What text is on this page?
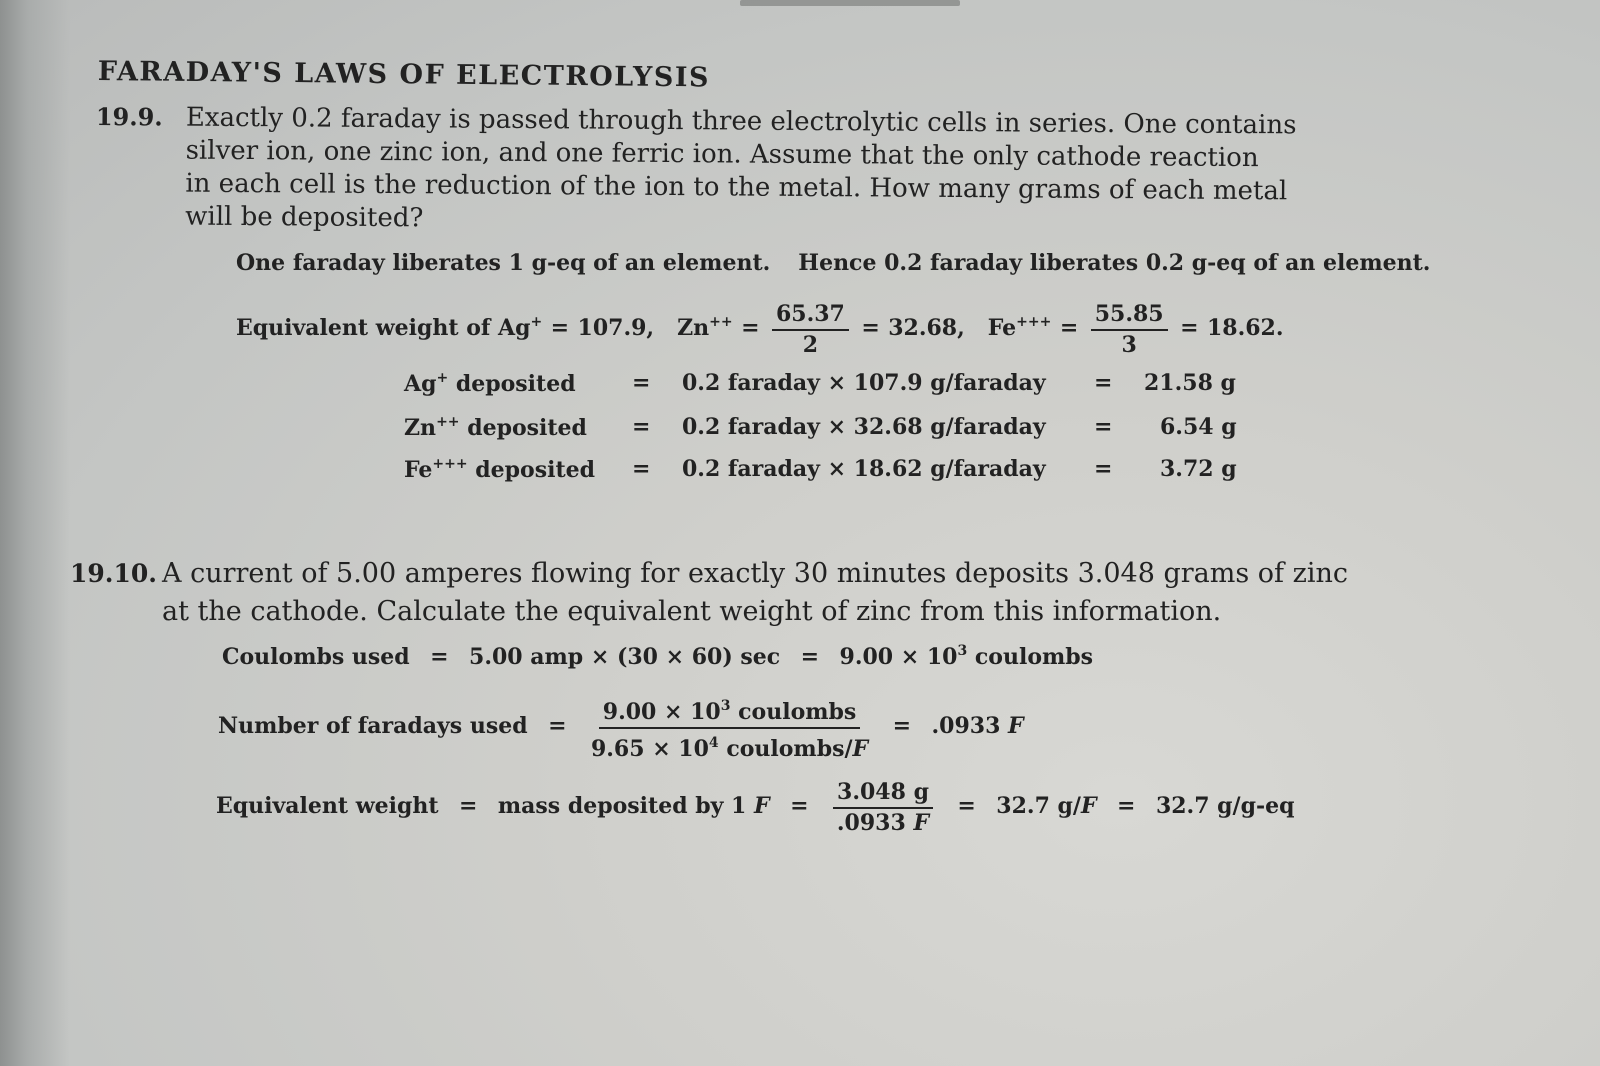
FARADAY'S LAWS OF ELECTROLYSIS
19.9. Exactly 0.2 faraday is passed through three electrolytic cells in series. One contains
silver ion, one zinc ion, and one ferric ion. Assume that the only cathode reaction
in each cell is the reduction of the ion to the metal. How many grams of each metal
will be deposited?
One faraday liberates 1 g-eq of an element. Hence 0.2 faraday liberates 0.2 g-eq of an element.
Equivalent weight of Ag+ = 107.9, $Zn^{++} = \frac{65.37}{2} = 32.68$, $Fe^{+++} = \frac{55.85}{3} = 18.62$.
Ag+ deposited	= 0.2 faraday × 107.9 g/faraday = 21.58 g
Zn++ deposited = 0.2 faraday × 32.68 g/faraday = 6.54 g
Fe+++ deposited = 0.2 faraday × 18.62 g/faraday = 3.72 g
19.10. A current of 5.00 amperes flowing for exactly 30 minutes deposits 3.048 grams of zinc
at the cathode. Calculate the equivalent weight of zinc from this information.
Coulombs used = 5.00 amp × (30 × 60) $\sec = 9.00 \times 10^3$ coulombs
Number of faradays used = $\frac{9.00 \times 10^3 coulombs}{9.65 \times 10^4 coulombs/F} = .0933$ F
Equivalent weight = mass deposited by 1 $F = \frac{3.048 g}{.0933 F} = 32.7$ g/F = 32.7 g/g-eq
